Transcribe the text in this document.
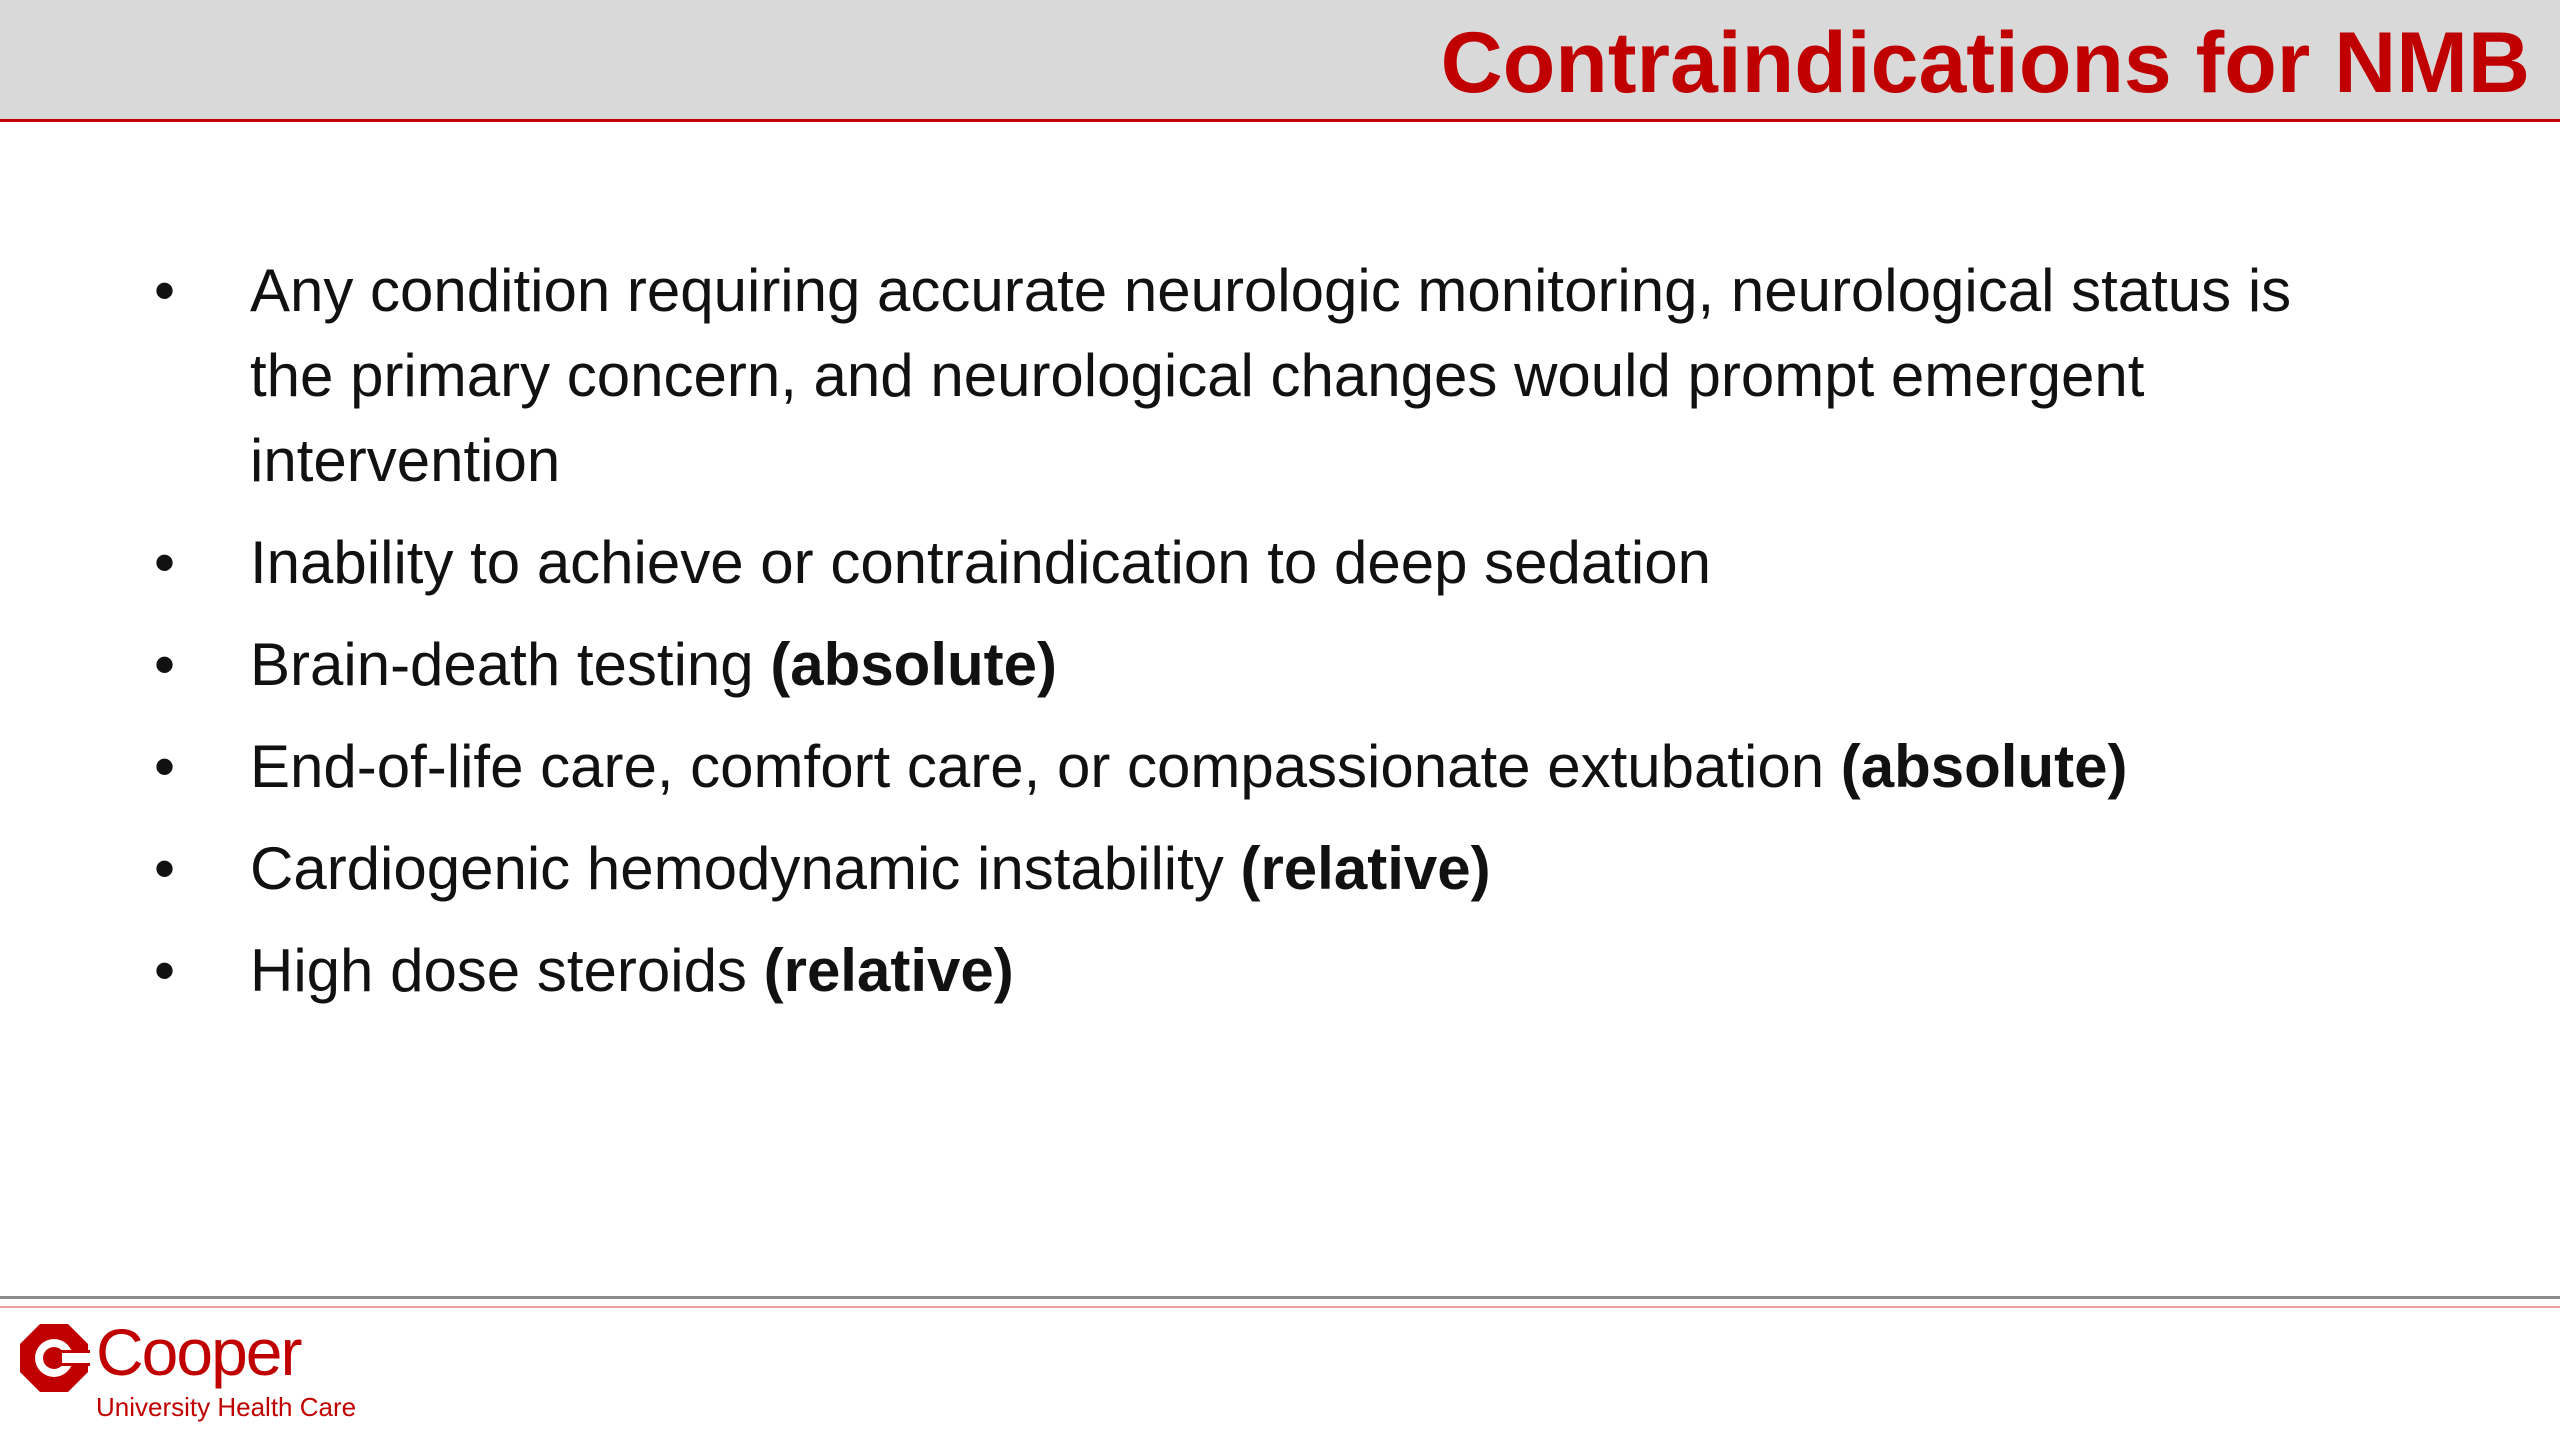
Contraindications for NMB
• Any condition requiring accurate neurologic monitoring, neurological status is the primary concern, and neurological changes would prompt emergent intervention
• Inability to achieve or contraindication to deep sedation
• Brain-death testing (absolute)
• End-of-life care, comfort care, or compassionate extubation (absolute)
• Cardiogenic hemodynamic instability (relative)
• High dose steroids (relative)
Cooper
University Health Care
